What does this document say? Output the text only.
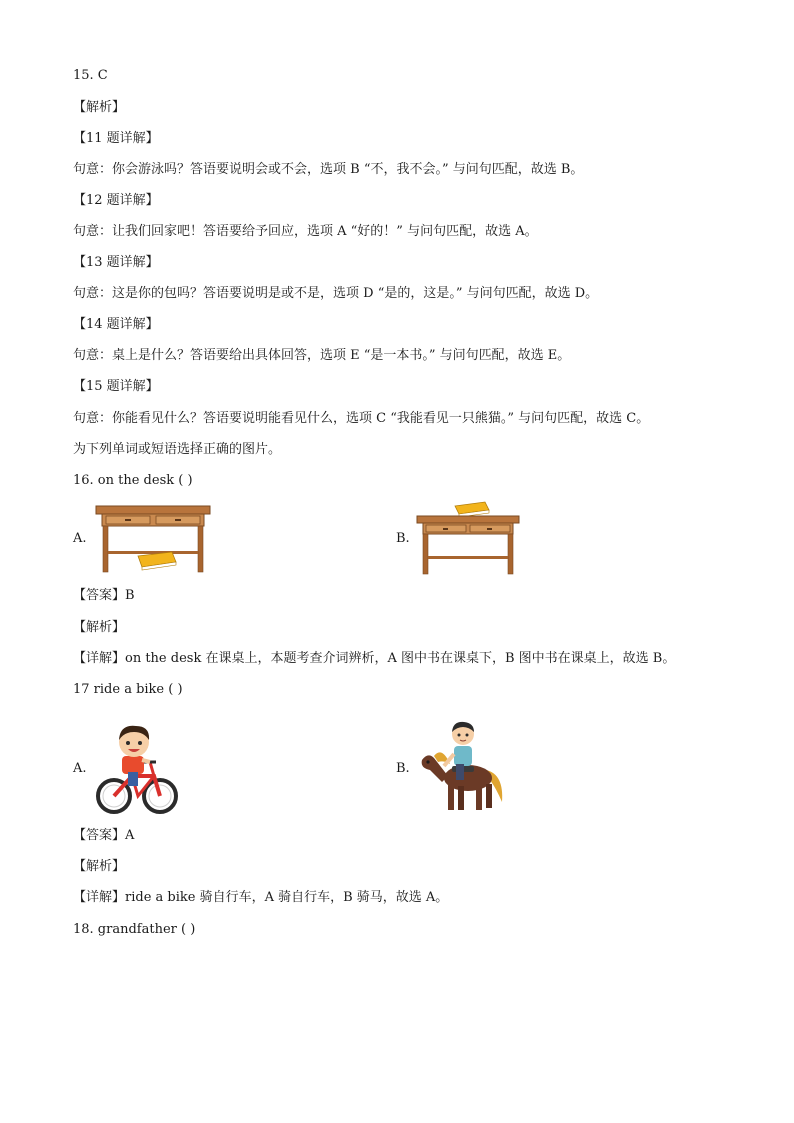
15. C
【解析】
【11 题详解】
句意：你会游泳吗？答语要说明会或不会，选项 B “不，我不会。” 与问句匹配，故选 B。
【12 题详解】
句意：让我们回家吧！答语要给予回应，选项 A “好的！” 与问句匹配，故选 A。
【13 题详解】
句意：这是你的包吗？答语要说明是或不是，选项 D “是的，这是。” 与问句匹配，故选 D。
【14 题详解】
句意：桌上是什么？答语要给出具体回答，选项 E “是一本书。” 与问句匹配，故选 E。
【15 题详解】
句意：你能看见什么？答语要说明能看见什么，选项 C “我能看见一只熊猫。” 与问句匹配，故选 C。
为下列单词或短语选择正确的图片。
16. on the desk ( )
A.	B.
【答案】B
【解析】
【详解】on the desk 在课桌上，本题考查介词辨析，A 图中书在课桌下，B 图中书在课桌上，故选 B。
17 ride a bike ( )
A.	B.
【答案】A
【解析】
【详解】ride a bike 骑自行车，A 骑自行车，B 骑马，故选 A。
18. grandfather ( )
